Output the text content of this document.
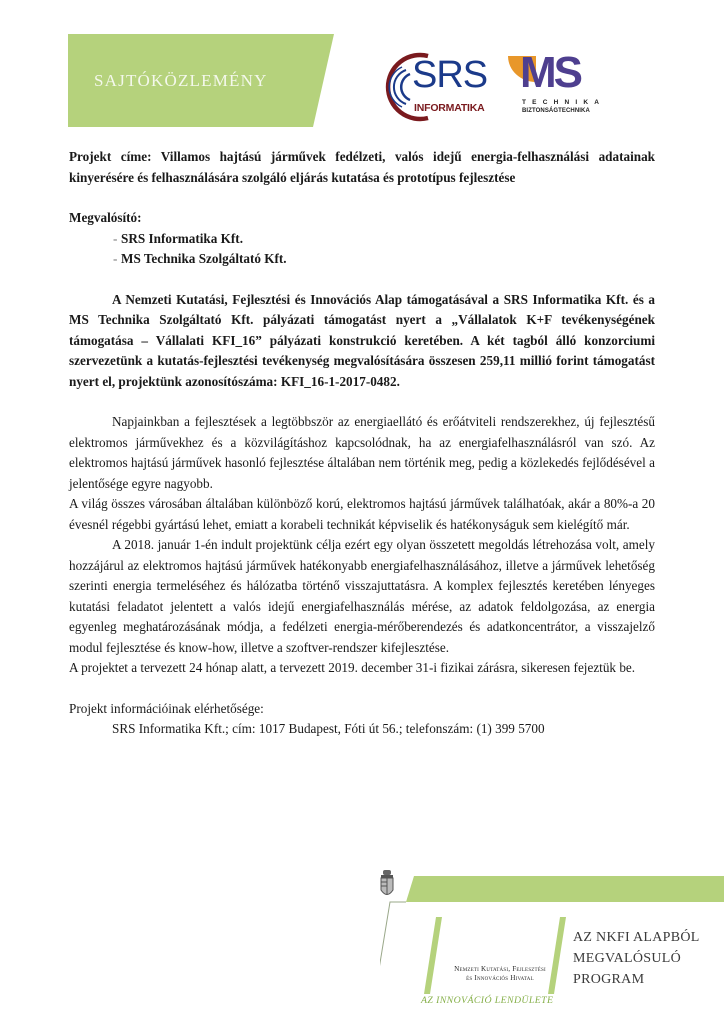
SAJTÓKÖZLEMÉNY	SRS
INFORMATIKA
MS
TECHNIKA
BIZTONSÁGTECHNIKA

Projekt címe: Villamos hajtású járművek fedélzeti, valós idejű energia-felhasználási adatainak kinyerésére és felhasználására szolgáló eljárás kutatása és prototípus fejlesztése

Megvalósító:

- SRS Informatika Kft.
- MS Technika Szolgáltató Kft.

A Nemzeti Kutatási, Fejlesztési és Innovációs Alap támogatásával a SRS Informatika Kft. és a MS Technika Szolgáltató Kft. pályázati támogatást nyert a „Vállalatok K+F tevékenységének támogatása – Vállalati KFI_16” pályázati konstrukció keretében. A két tagból álló konzorciumi szervezetünk a kutatás-fejlesztési tevékenység megvalósítására összesen 259,11 millió forint támogatást nyert el, projektünk azonosítószáma: KFI_16-1-2017-0482.

Napjainkban a fejlesztések a legtöbbször az energiaellátó és erőátviteli rendszerekhez, új fejlesztésű elektromos járművekhez és a közvilágításhoz kapcsolódnak, ha az energiafelhasználásról van szó. Az elektromos hajtású járművek hasonló fejlesztése általában nem történik meg, pedig a közlekedés fejlődésével a jelentősége egyre nagyobb.

A világ összes városában általában különböző korú, elektromos hajtású járművek találhatóak, akár a 80%-a 20 évesnél régebbi gyártású lehet, emiatt a korabeli technikát képviselik és hatékonyságuk sem kielégítő már.

A 2018. január 1-én indult projektünk célja ezért egy olyan összetett megoldás létrehozása volt, amely hozzájárul az elektromos hajtású járművek hatékonyabb energiafelhasználásához, illetve a járművek lehetőség szerinti energia termeléséhez és hálózatba történő visszajuttatásra. A komplex fejlesztés keretében lényeges kutatási feladatot jelentett a valós idejű energiafelhasználás mérése, az adatok feldolgozása, az energia egyenleg meghatározásának módja, a fedélzeti energia-mérőberendezés és adatkoncentrátor, a visszajelző modul fejlesztése és know-how, illetve a szoftver-rendszer kifejlesztése.

A projektet a tervezett 24 hónap alatt, a tervezett 2019. december 31-i fizikai zárásra, sikeresen fejeztük be.

Projekt információinak elérhetősége:

SRS Informatika Kft.; cím: 1017 Budapest, Fóti út 56.; telefonszám: (1) 399 5700

Nemzeti Kutatási, Fejlesztési
és Innovációs Hivatal
AZ INNOVÁCIÓ LENDÜLETE
AZ NKFI ALAPBÓL
MEGVALÓSULÓ
PROGRAM
